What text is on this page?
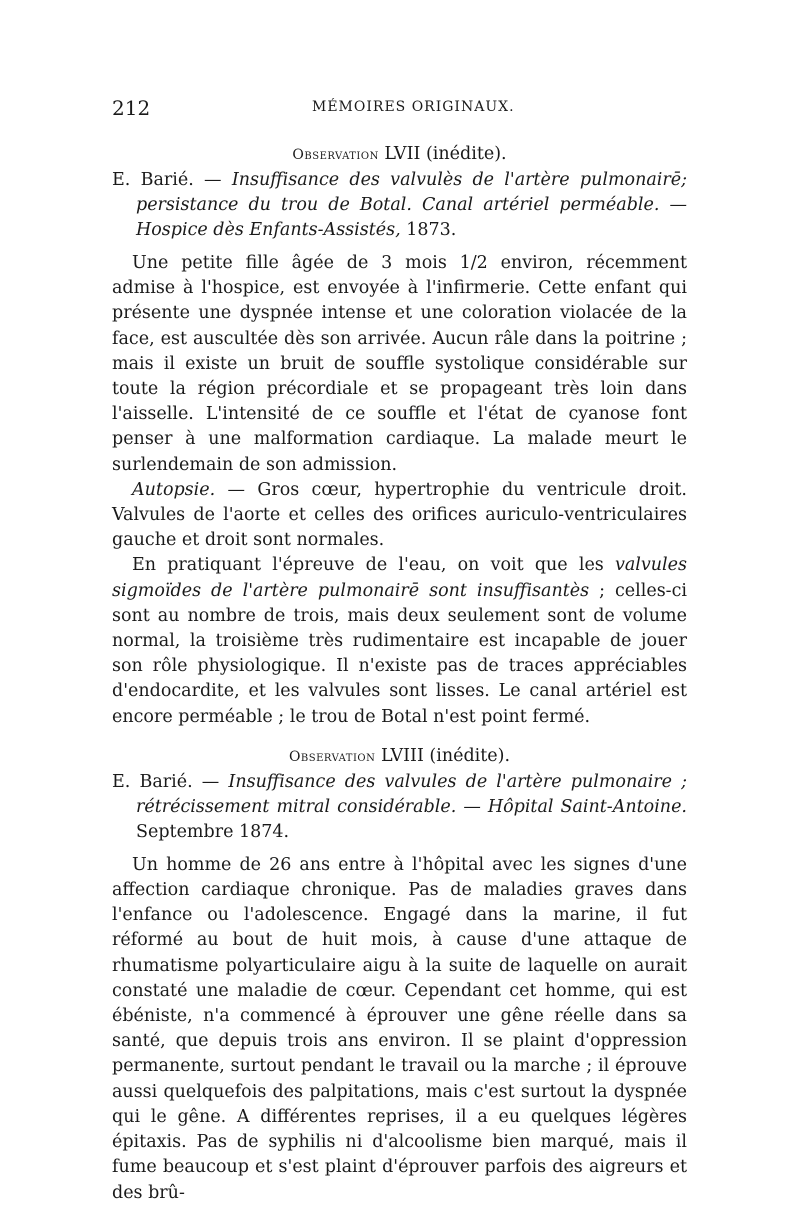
212	MÉMOIRES ORIGINAUX.
Observation LVII (inédite).
E. Barié. — Insuffisance des valvulès de l'artère pulmonairē; persistance du trou de Botal. Canal artériel perméable. — Hospice dès Enfants-Assistés, 1873.

Une petite fille âgée de 3 mois 1/2 environ, récemment admise à l'hospice, est envoyée à l'infirmerie. Cette enfant qui présente une dyspnée intense et une coloration violacée de la face, est auscultée dès son arrivée. Aucun râle dans la poitrine ; mais il existe un bruit de souffle systolique considérable sur toute la région précordiale et se propageant très loin dans l'aisselle. L'intensité de ce souffle et l'état de cyanose font penser à une malformation cardiaque. La malade meurt le surlendemain de son admission.

Autopsie. — Gros cœur, hypertrophie du ventricule droit. Valvules de l'aorte et celles des orifices auriculo-ventriculaires gauche et droit sont normales.

En pratiquant l'épreuve de l'eau, on voit que les valvules sigmoïdes de l'artère pulmonairē sont insuffisantès ; celles-ci sont au nombre de trois, mais deux seulement sont de volume normal, la troisième très rudimentaire est incapable de jouer son rôle physiologique. Il n'existe pas de traces appréciables d'endocardite, et les valvules sont lisses. Le canal artériel est encore perméable ; le trou de Botal n'est point fermé.

Observation LVIII (inédite).
E. Barié. — Insuffisance des valvules de l'artère pulmonaire ; rétrécissement mitral considérable. — Hôpital Saint-Antoine. Septembre 1874.

Un homme de 26 ans entre à l'hôpital avec les signes d'une affection cardiaque chronique. Pas de maladies graves dans l'enfance ou l'adolescence. Engagé dans la marine, il fut réformé au bout de huit mois, à cause d'une attaque de rhumatisme polyarticulaire aigu à la suite de laquelle on aurait constaté une maladie de cœur. Cependant cet homme, qui est ébéniste, n'a commencé à éprouver une gêne réelle dans sa santé, que depuis trois ans environ. Il se plaint d'oppression permanente, surtout pendant le travail ou la marche ; il éprouve aussi quelquefois des palpitations, mais c'est surtout la dyspnée qui le gêne. A différentes reprises, il a eu quelques légères épitaxis. Pas de syphilis ni d'alcoolisme bien marqué, mais il fume beaucoup et s'est plaint d'éprouver parfois des aigreurs et des brû-
